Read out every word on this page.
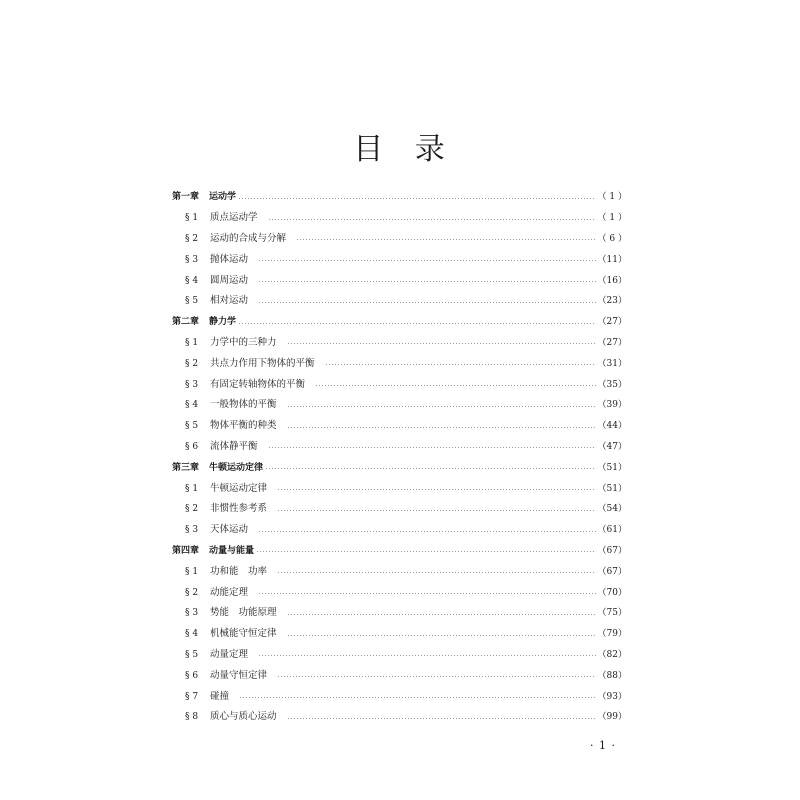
目 录
第一章 运动学	（ 1 ）
§ 1	质点运动学	（ 1 ）
§ 2	运动的合成与分解	（ 6 ）
§ 3	抛体运动	（11）
§ 4	圆周运动	（16）
§ 5	相对运动	（23）
第二章 静力学	（27）
§ 1	力学中的三种力	（27）
§ 2	共点力作用下物体的平衡	（31）
§ 3	有固定转轴物体的平衡	（35）
§ 4	一般物体的平衡	（39）
§ 5	物体平衡的种类	（44）
§ 6	流体静平衡	（47）
第三章 牛顿运动定律	（51）
§ 1	牛顿运动定律	（51）
§ 2	非惯性参考系	（54）
§ 3	天体运动	（61）
第四章 动量与能量	（67）
§ 1	功和能　功率	（67）
§ 2	动能定理	（70）
§ 3	势能　功能原理	（75）
§ 4	机械能守恒定律	（79）
§ 5	动量定理	（82）
§ 6	动量守恒定律	（88）
§ 7	碰撞	（93）
§ 8	质心与质心运动	（99）
· 1 ·
